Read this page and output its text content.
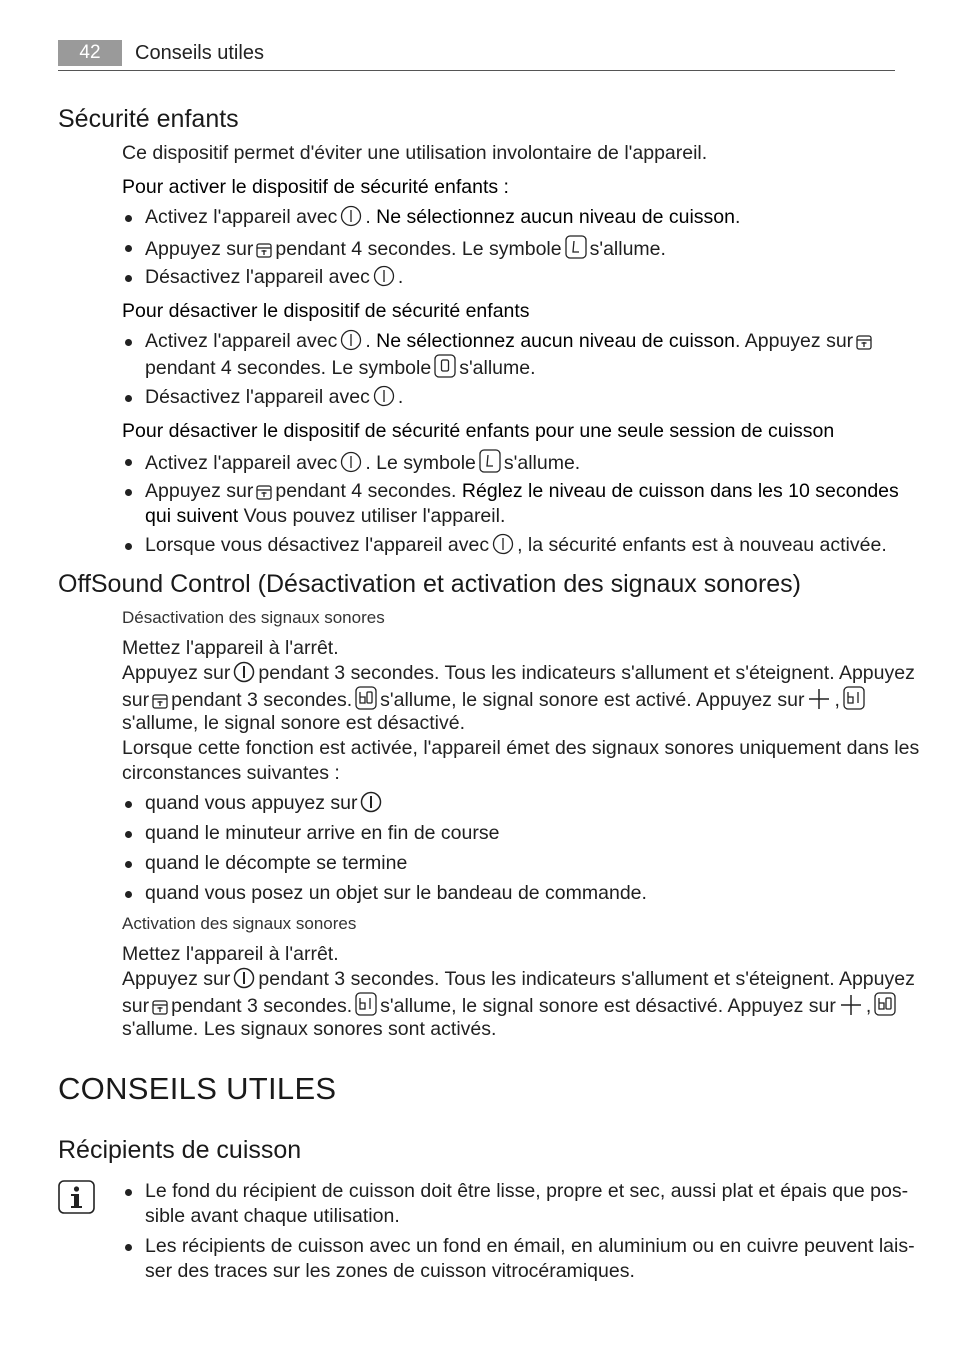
42	Conseils utiles
Sécurité enfants
Ce dispositif permet d'éviter une utilisation involontaire de l'appareil.
Pour activer le dispositif de sécurité enfants :
Activez l'appareil avec . Ne sélectionnez aucun niveau de cuisson.
Appuyez sur pendant 4 secondes. Le symbole s'allume.
Désactivez l'appareil avec .
Pour désactiver le dispositif de sécurité enfants
Activez l'appareil avec . Ne sélectionnez aucun niveau de cuisson. Appuyez sur
pendant 4 secondes. Le symbole s'allume.
Désactivez l'appareil avec .
Pour désactiver le dispositif de sécurité enfants pour une seule session de cuisson
Activez l'appareil avec . Le symbole s'allume.
Appuyez sur pendant 4 secondes. Réglez le niveau de cuisson dans les 10 secondes
qui suivent Vous pouvez utiliser l'appareil.
Lorsque vous désactivez l'appareil avec , la sécurité enfants est à nouveau activée.
OffSound Control (Désactivation et activation des signaux sonores)
Désactivation des signaux sonores
Mettez l'appareil à l'arrêt.
Appuyez sur pendant 3 secondes. Tous les indicateurs s'allument et s'éteignent. Appuyez
sur pendant 3 secondes. s'allume, le signal sonore est activé. Appuyez sur ,
s'allume, le signal sonore est désactivé.
Lorsque cette fonction est activée, l'appareil émet des signaux sonores uniquement dans les
circonstances suivantes :
quand vous appuyez sur
quand le minuteur arrive en fin de course
quand le décompte se termine
quand vous posez un objet sur le bandeau de commande.
Activation des signaux sonores
Mettez l'appareil à l'arrêt.
Appuyez sur pendant 3 secondes. Tous les indicateurs s'allument et s'éteignent. Appuyez
sur pendant 3 secondes. s'allume, le signal sonore est désactivé. Appuyez sur ,
s'allume. Les signaux sonores sont activés.
CONSEILS UTILES
Récipients de cuisson
Le fond du récipient de cuisson doit être lisse, propre et sec, aussi plat et épais que pos-
sible avant chaque utilisation.
Les récipients de cuisson avec un fond en émail, en aluminium ou en cuivre peuvent lais-
ser des traces sur les zones de cuisson vitrocéramiques.
